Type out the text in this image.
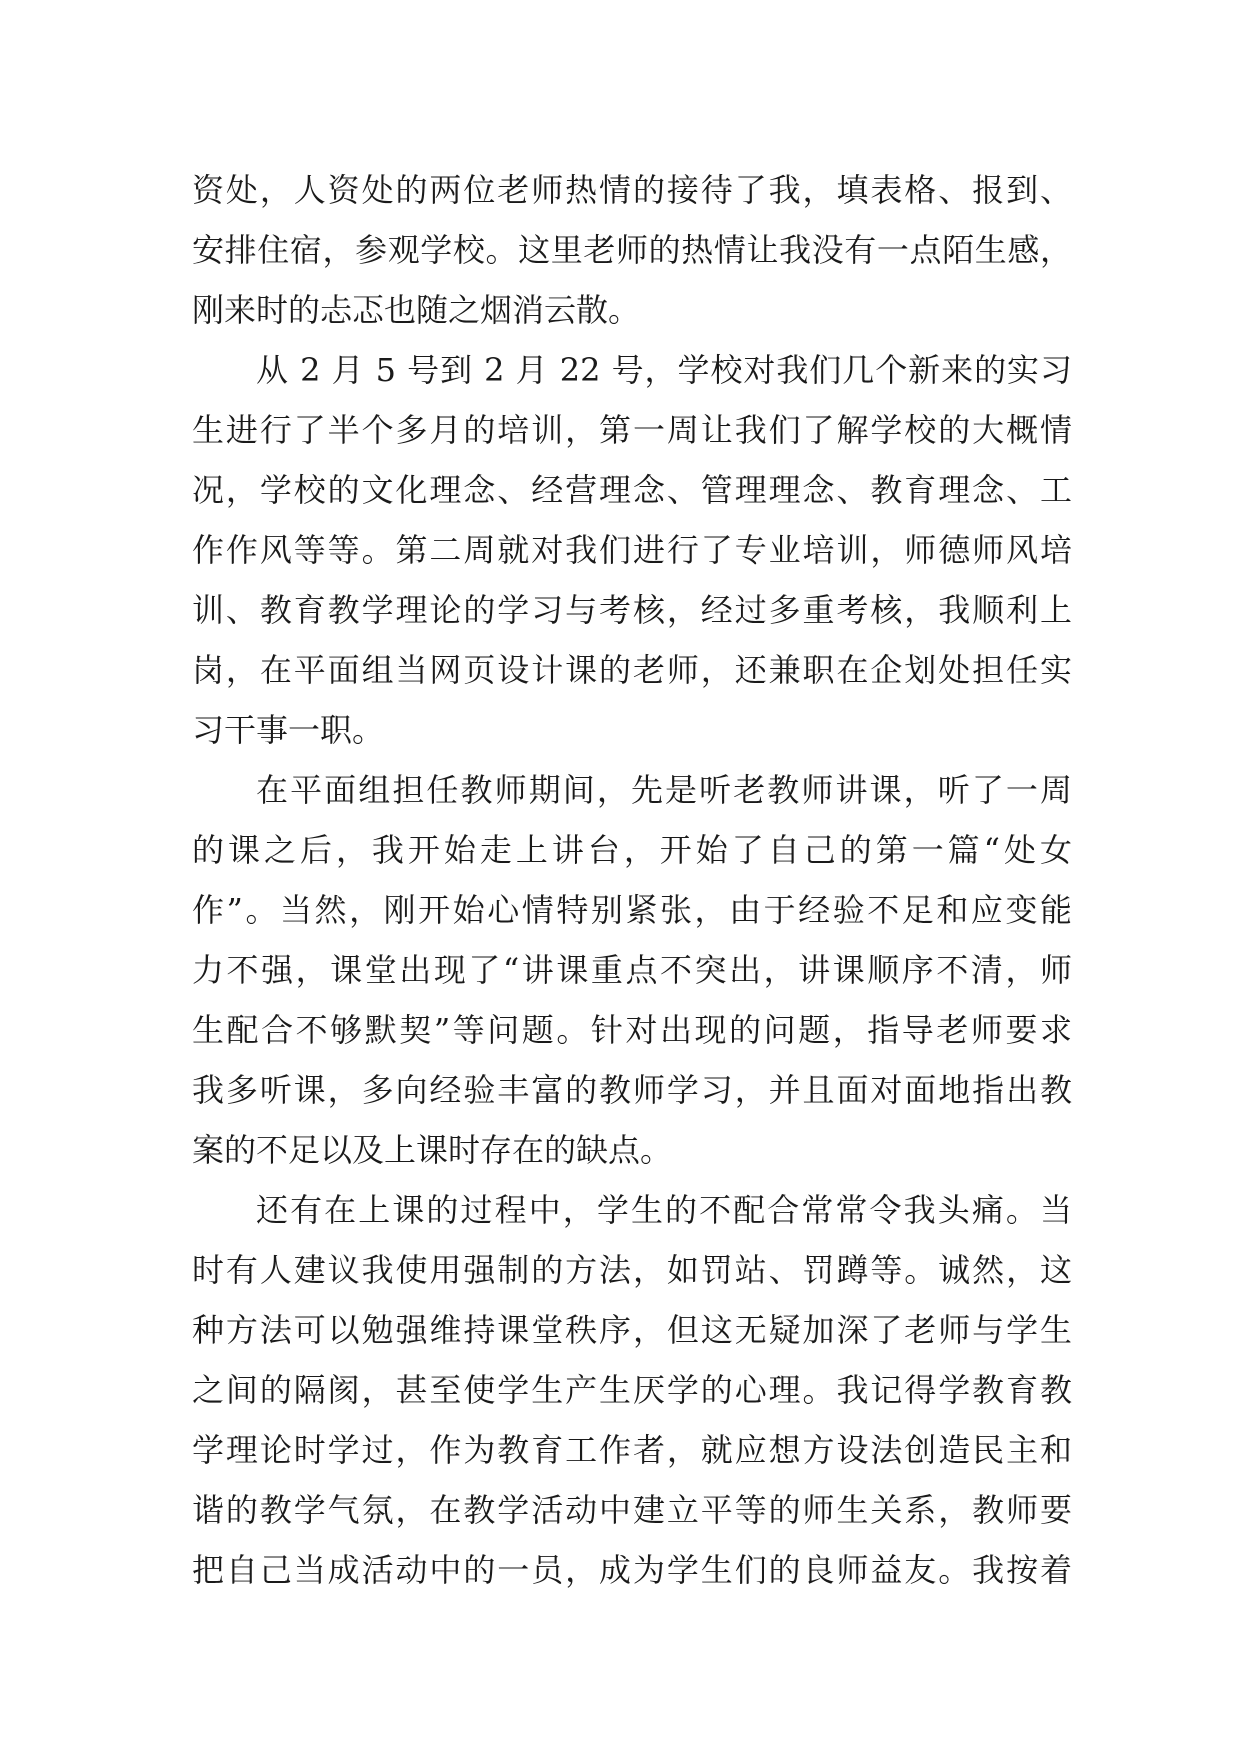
资处，人资处的两位老师热情的接待了我，填表格、报到、
安排住宿，参观学校。这里老师的热情让我没有一点陌生感，
刚来时的忐忑也随之烟消云散。
从 2 月 5 号到 2 月 22 号，学校对我们几个新来的实习
生进行了半个多月的培训，第一周让我们了解学校的大概情
况，学校的文化理念、经营理念、管理理念、教育理念、工
作作风等等。第二周就对我们进行了专业培训，师德师风培
训、教育教学理论的学习与考核，经过多重考核，我顺利上
岗，在平面组当网页设计课的老师，还兼职在企划处担任实
习干事一职。
在平面组担任教师期间，先是听老教师讲课，听了一周
的课之后，我开始走上讲台，开始了自己的第一篇“处女
作”。当然，刚开始心情特别紧张，由于经验不足和应变能
力不强，课堂出现了“讲课重点不突出，讲课顺序不清，师
生配合不够默契”等问题。针对出现的问题，指导老师要求
我多听课，多向经验丰富的教师学习，并且面对面地指出教
案的不足以及上课时存在的缺点。
还有在上课的过程中，学生的不配合常常令我头痛。当
时有人建议我使用强制的方法，如罚站、罚蹲等。诚然，这
种方法可以勉强维持课堂秩序，但这无疑加深了老师与学生
之间的隔阂，甚至使学生产生厌学的心理。我记得学教育教
学理论时学过，作为教育工作者，就应想方设法创造民主和
谐的教学气氛，在教学活动中建立平等的师生关系，教师要
把自己当成活动中的一员，成为学生们的良师益友。我按着
